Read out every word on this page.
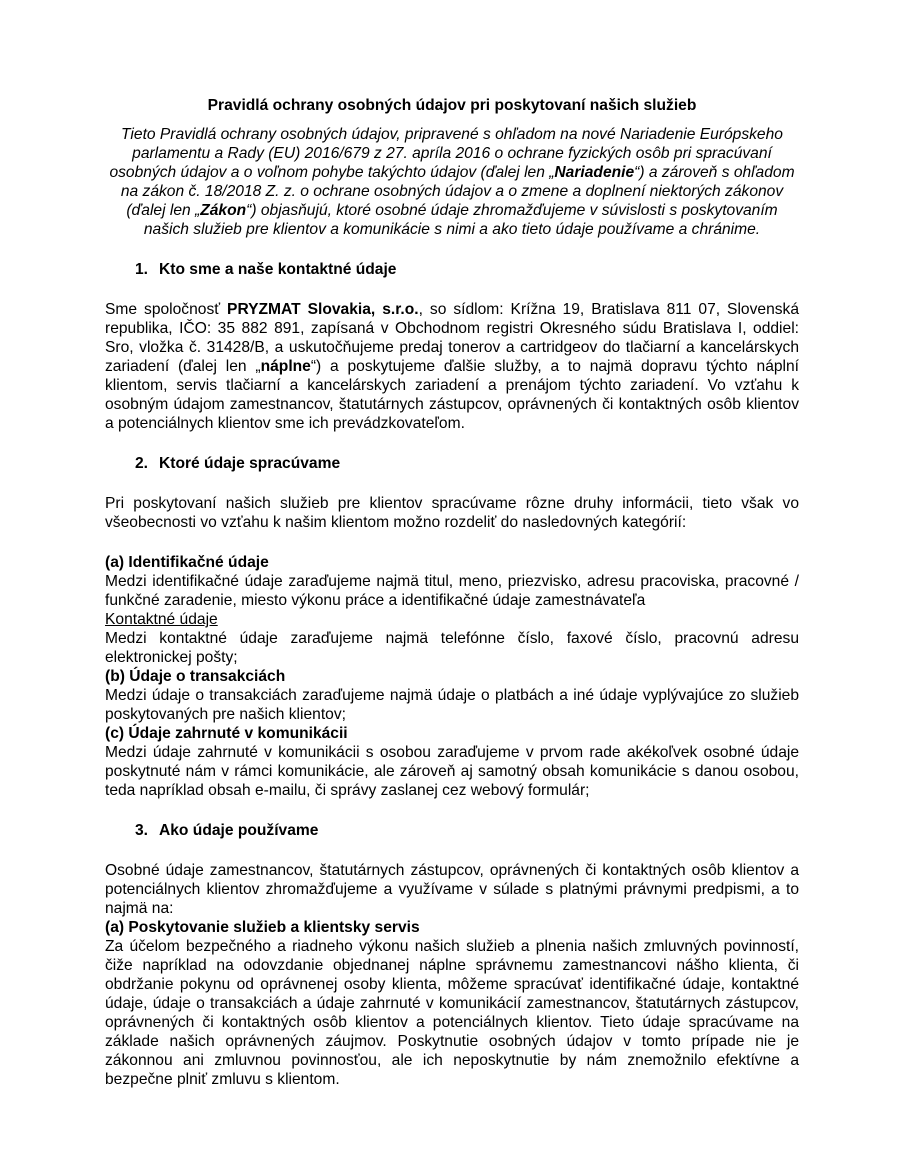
Pravidlá ochrany osobných údajov pri poskytovaní našich služieb
Tieto Pravidlá ochrany osobných údajov, pripravené s ohľadom na nové Nariadenie Európskeho parlamentu a Rady (EU) 2016/679 z 27. apríla 2016 o ochrane fyzických osôb pri spracúvaní osobných údajov a o voľnom pohybe takýchto údajov (ďalej len „Nariadenie“) a zároveň s ohľadom na zákon č. 18/2018 Z. z. o ochrane osobných údajov a o zmene a doplnení niektorých zákonov (ďalej len „Zákon“) objasňujú, ktoré osobné údaje zhromažďujeme v súvislosti s poskytovaním našich služieb pre klientov a komunikácie s nimi a ako tieto údaje používame a chránime.
1. Kto sme a naše kontaktné údaje
Sme spoločnosť PRYZMAT Slovakia, s.r.o., so sídlom: Krížna 19, Bratislava 811 07, Slovenská republika, IČO: 35 882 891, zapísaná v Obchodnom registri Okresného súdu Bratislava I, oddiel: Sro, vložka č. 31428/B, a uskutočňujeme predaj tonerov a cartridgeov do tlačiarní a kancelárskych zariadení (ďalej len „náplne“) a poskytujeme ďalšie služby, a to najmä dopravu týchto náplní klientom, servis tlačiarní a kancelárskych zariadení a prenájom týchto zariadení. Vo vzťahu k osobným údajom zamestnancov, štatutárnych zástupcov, oprávnených či kontaktných osôb klientov a potenciálnych klientov sme ich prevádzkovateľom.
2. Ktoré údaje spracúvame
Pri poskytovaní našich služieb pre klientov spracúvame rôzne druhy informácii, tieto však vo všeobecnosti vo vzťahu k našim klientom možno rozdeliť do nasledovných kategórií:
(a) Identifikačné údaje
Medzi identifikačné údaje zaraďujeme najmä titul, meno, priezvisko, adresu pracoviska, pracovné / funkčné zaradenie, miesto výkonu práce a identifikačné údaje zamestnávateľa
Kontaktné údaje
Medzi kontaktné údaje zaraďujeme najmä telefónne číslo, faxové číslo, pracovnú adresu elektronickej pošty;
(b) Údaje o transakciách
Medzi údaje o transakciách zaraďujeme najmä údaje o platbách a iné údaje vyplývajúce zo služieb poskytovaných pre našich klientov;
(c) Údaje zahrnuté v komunikácii
Medzi údaje zahrnuté v komunikácii s osobou zaraďujeme v prvom rade akékoľvek osobné údaje poskytnuté nám v rámci komunikácie, ale zároveň aj samotný obsah komunikácie s danou osobou, teda napríklad obsah e-mailu, či správy zaslanej cez webový formulár;
3. Ako údaje používame
Osobné údaje zamestnancov, štatutárnych zástupcov, oprávnených či kontaktných osôb klientov a potenciálnych klientov zhromažďujeme a využívame v súlade s platnými právnymi predpismi, a to najmä na:
(a) Poskytovanie služieb a klientsky servis
Za účelom bezpečného a riadneho výkonu našich služieb a plnenia našich zmluvných povinností, čiže napríklad na odovzdanie objednanej náplne správnemu zamestnancovi nášho klienta, či obdržanie pokynu od oprávnenej osoby klienta, môžeme spracúvať identifikačné údaje, kontaktné údaje, údaje o transakciách a údaje zahrnuté v komunikácií zamestnancov, štatutárnych zástupcov, oprávnených či kontaktných osôb klientov a potenciálnych klientov. Tieto údaje spracúvame na základe našich oprávnených záujmov. Poskytnutie osobných údajov v tomto prípade nie je zákonnou ani zmluvnou povinnosťou, ale ich neposkytnutie by nám znemožnilo efektívne a bezpečne plniť zmluvu s klientom.
